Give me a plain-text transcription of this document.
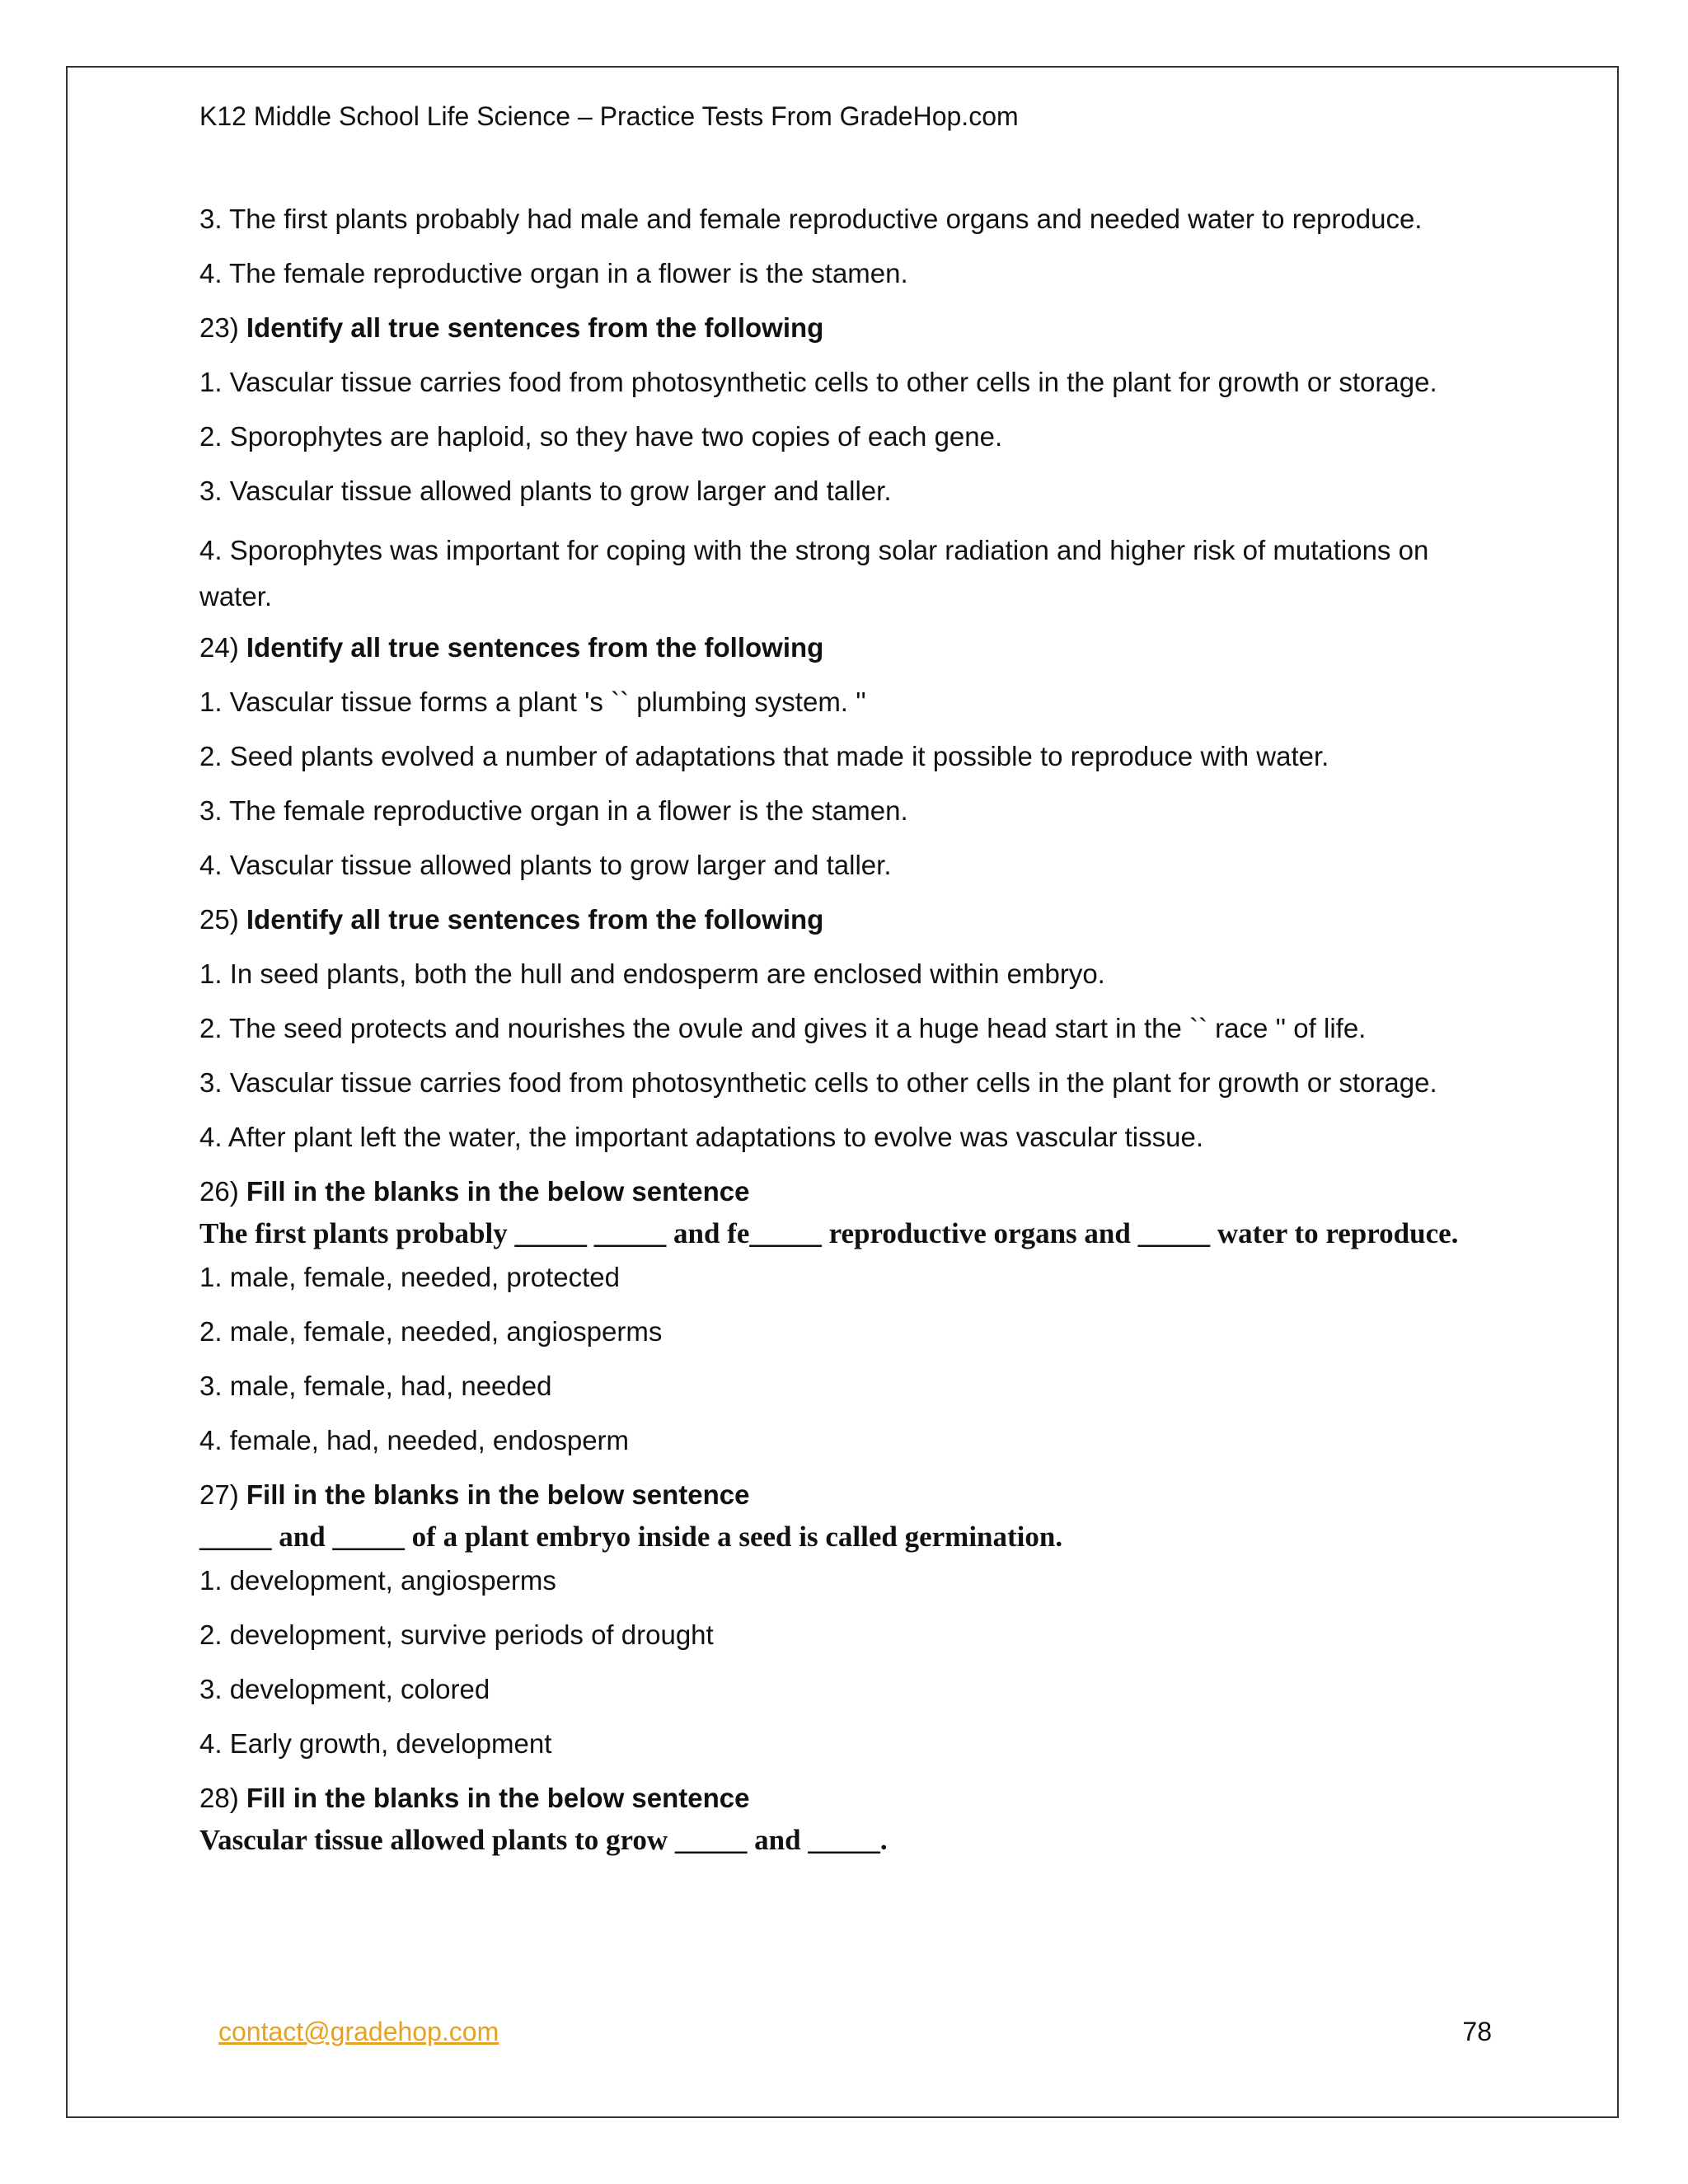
K12 Middle School Life Science – Practice Tests From GradeHop.com
3. The first plants probably had male and female reproductive organs and needed water to reproduce.
4. The female reproductive organ in a flower is the stamen.
23) Identify all true sentences from the following
1. Vascular tissue carries food from photosynthetic cells to other cells in the plant for growth or storage.
2. Sporophytes are haploid, so they have two copies of each gene.
3. Vascular tissue allowed plants to grow larger and taller.
4. Sporophytes was important for coping with the strong solar radiation and higher risk of mutations on water.
24) Identify all true sentences from the following
1. Vascular tissue forms a plant 's `` plumbing system. ''
2. Seed plants evolved a number of adaptations that made it possible to reproduce with water.
3. The female reproductive organ in a flower is the stamen.
4. Vascular tissue allowed plants to grow larger and taller.
25) Identify all true sentences from the following
1. In seed plants, both the hull and endosperm are enclosed within embryo.
2. The seed protects and nourishes the ovule and gives it a huge head start in the `` race '' of life.
3. Vascular tissue carries food from photosynthetic cells to other cells in the plant for growth or storage.
4. After plant left the water, the important adaptations to evolve was vascular tissue.
26) Fill in the blanks in the below sentence
The first plants probably _____ _____ and fe_____ reproductive organs and _____ water to reproduce.
1. male, female, needed, protected
2. male, female, needed, angiosperms
3. male, female, had, needed
4. female, had, needed, endosperm
27) Fill in the blanks in the below sentence
_____ and _____ of a plant embryo inside a seed is called germination.
1. development, angiosperms
2. development, survive periods of drought
3. development, colored
4. Early growth, development
28) Fill in the blanks in the below sentence
Vascular tissue allowed plants to grow _____ and _____.
contact@gradehop.com	78
